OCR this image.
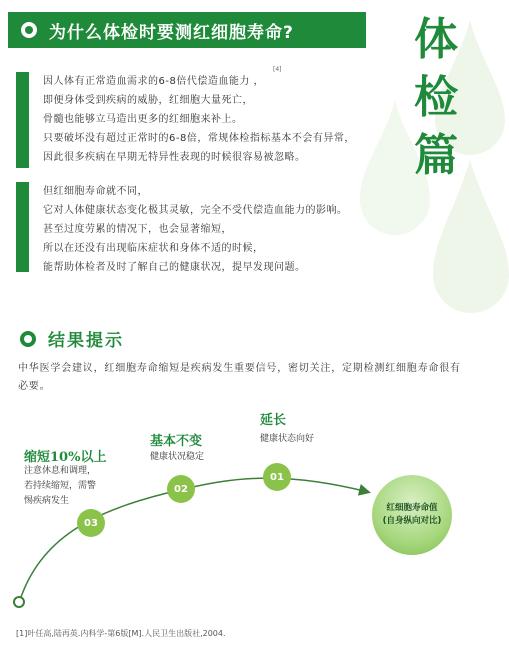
为什么体检时要测红细胞寿命?	体
检
篇
因人体有正常造血需求的6-8倍代偿造血能力 ，
即便身体受到疾病的威胁，红细胞大量死亡，
骨髓也能够立马造出更多的红细胞来补上。
只要破坏没有超过正常时的6-8倍，常规体检指标基本不会有异常，
因此很多疾病在早期无特异性表现的时候很容易被忽略。
[4]
但红细胞寿命就不同，
它对人体健康状态变化极其灵敏，完全不受代偿造血能力的影响。
甚至过度劳累的情况下，也会显著缩短，
所以在还没有出现临床症状和身体不适的时候，
能帮助体检者及时了解自己的健康状况，提早发现问题。
结果提示
中华医学会建议，红细胞寿命缩短是疾病发生重要信号，密切关注，定期检测红细胞寿命很有必要。
缩短10%以上
注意休息和调理，
若持续缩短，需警
惕疾病发生
03
基本不变
健康状况稳定
02
延长
健康状态向好
01
红细胞寿命值
(自身纵向对比)
[1]叶任高,陆再英.内科学-第6版[M].人民卫生出版社,2004.
